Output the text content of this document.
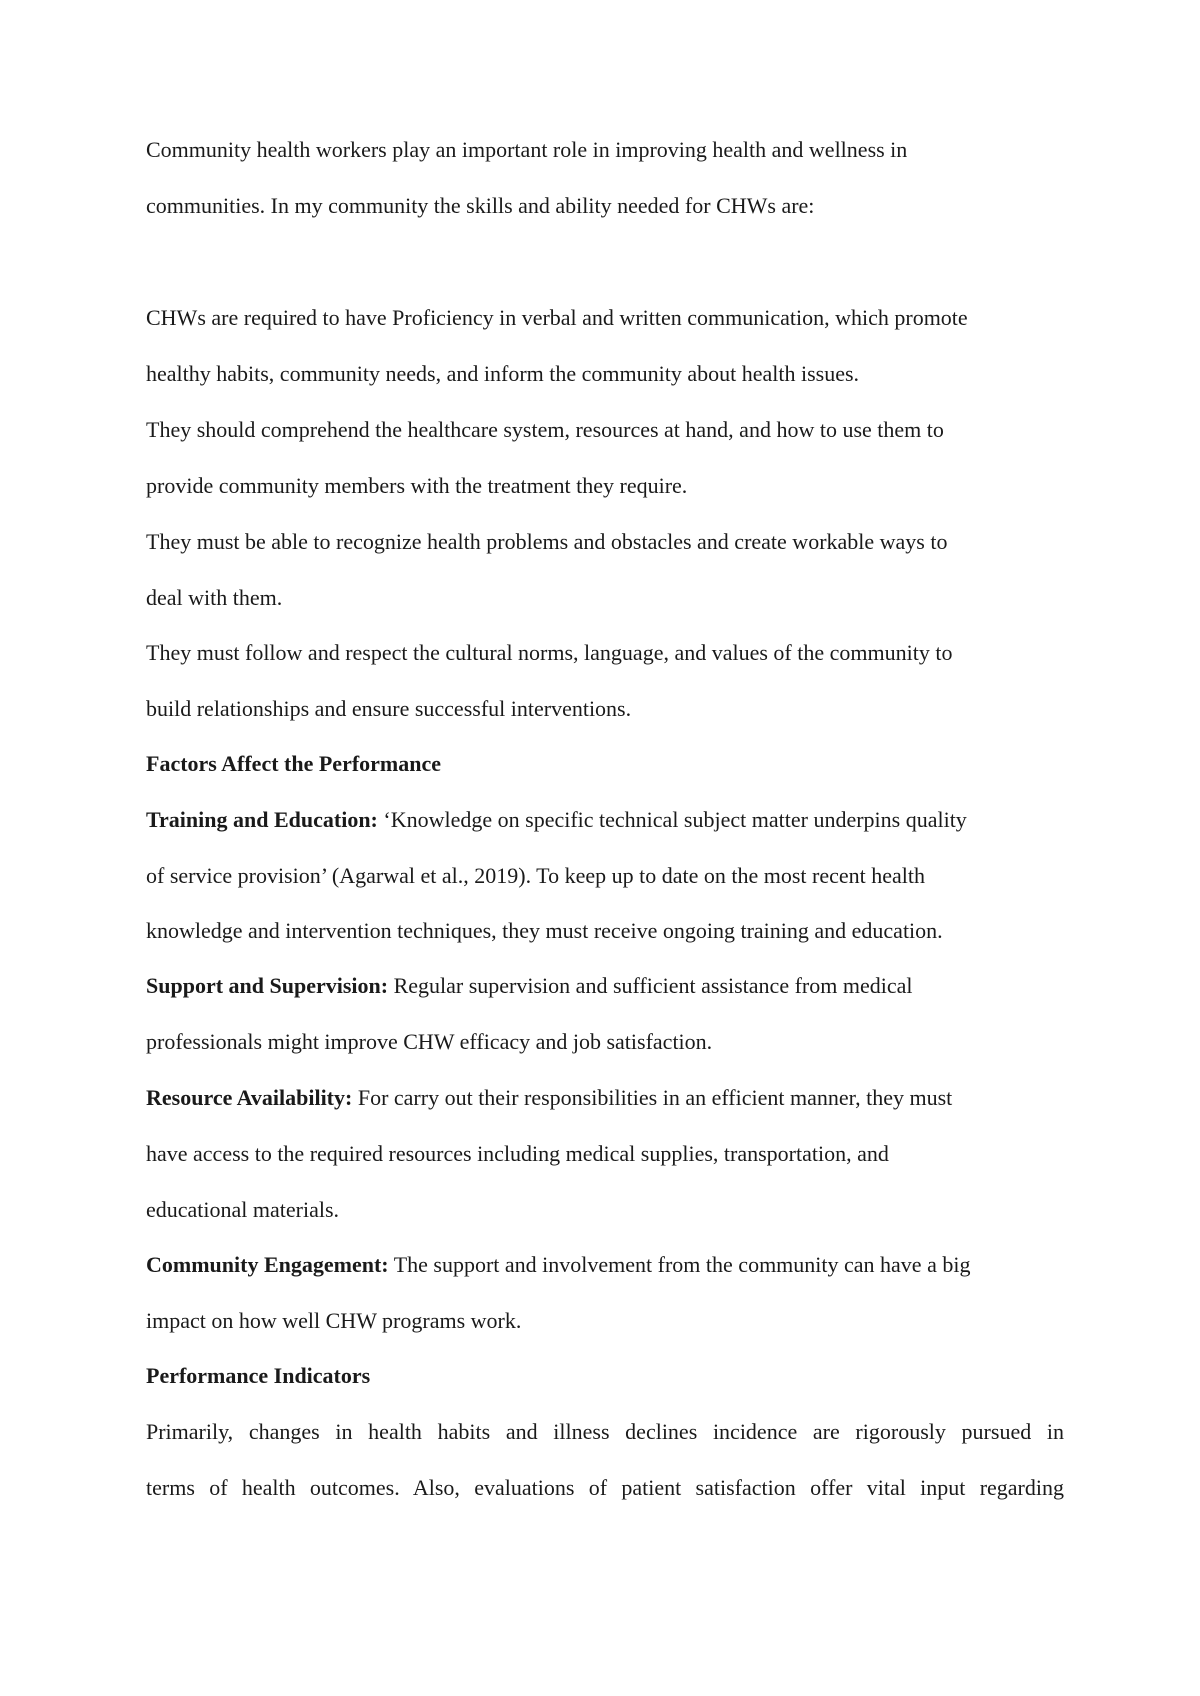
Community health workers play an important role in improving health and wellness in
communities. In my community the skills and ability needed for CHWs are:
CHWs are required to have Proficiency in verbal and written communication, which promote
healthy habits, community needs, and inform the community about health issues.
They should comprehend the healthcare system, resources at hand, and how to use them to
provide community members with the treatment they require.
They must be able to recognize health problems and obstacles and create workable ways to
deal with them.
They must follow and respect the cultural norms, language, and values of the community to
build relationships and ensure successful interventions.
Factors Affect the Performance
Training and Education: ‘Knowledge on specific technical subject matter underpins quality
of service provision’ (Agarwal et al., 2019). To keep up to date on the most recent health
knowledge and intervention techniques, they must receive ongoing training and education.
Support and Supervision: Regular supervision and sufficient assistance from medical
professionals might improve CHW efficacy and job satisfaction.
Resource Availability: For carry out their responsibilities in an efficient manner, they must
have access to the required resources including medical supplies, transportation, and
educational materials.
Community Engagement: The support and involvement from the community can have a big
impact on how well CHW programs work.
Performance Indicators
Primarily, changes in health habits and illness declines incidence are rigorously pursued in
terms of health outcomes. Also, evaluations of patient satisfaction offer vital input regarding
